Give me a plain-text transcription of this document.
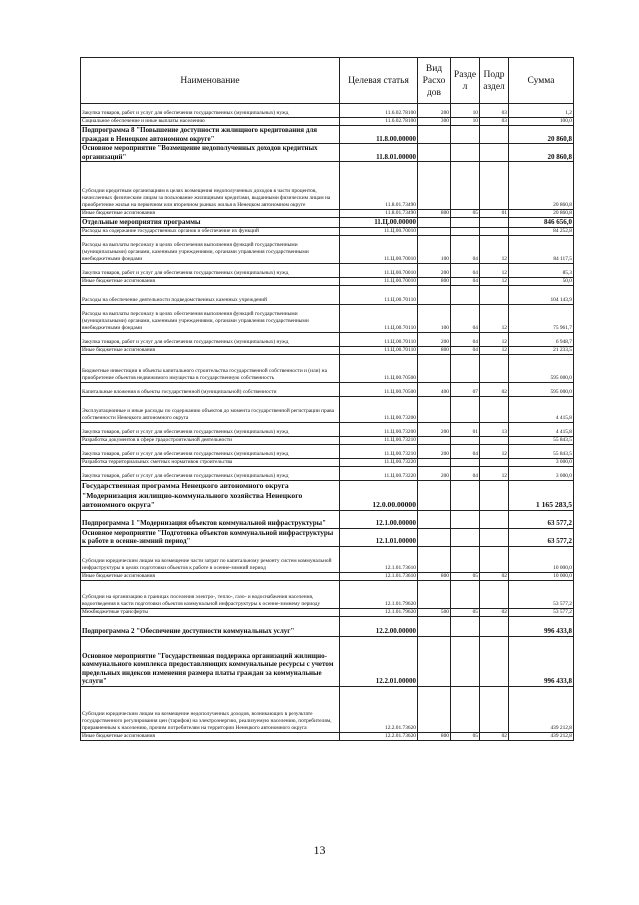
Наименование	Целевая статья	Вид Расхо дов	Разде л	Подр аздел	Сумма
Закупка товаров, работ и услуг для обеспечения государственных (муниципальных) нужд	11.6.02.78100	200	10	03	1,2
Социальное обеспечение и иные выплаты населению	11.6.02.78100	300	10	03	100,0
Подпрограмма 8 "Повышение доступности жилищного кредитования для граждан в Ненецком автономном округе"	11.8.00.00000				20 860,8
Основное мероприятие "Возмещение недополученных доходов кредитных организаций"	11.8.01.00000				20 860,8
Субсидии кредитным организациям в целях возмещения недополученных доходов в части процентов, начисленных физическим лицам за пользование жилищными кредитами, выданными физическим лицам на приобретение жилья на первичном или вторичном рынках жилья в Ненецком автономном округе	11.8.01.73490				20 860,8
Иные бюджетные ассигнования	11.8.01.73490	800	05	01	20 860,8
Отдельные мероприятия программы	11.Ц.00.00000				846 656,0
Расходы на содержание государственных органов и обеспечение их функций	11.Ц.00.70010				84 252,8
Расходы на выплаты персоналу в целях обеспечения выполнения функций государственными (муниципальными) органами, казенными учреждениями, органами управления государственными внебюджетными фондами	11.Ц.00.70010	100	04	12	84 117,5
Закупка товаров, работ и услуг для обеспечения государственных (муниципальных) нужд	11.Ц.00.70010	200	04	12	85,3
Иные бюджетные ассигнования	11.Ц.00.70010	800	04	12	50,0
Расходы на обеспечение деятельности подведомственных казенных учреждений	11.Ц.00.70110				104 143,9
Расходы на выплаты персоналу в целях обеспечения выполнения функций государственными (муниципальными) органами, казенными учреждениями, органами управления государственными внебюджетными фондами	11.Ц.00.70110	100	04	12	75 961,7
Закупка товаров, работ и услуг для обеспечения государственных (муниципальных) нужд	11.Ц.00.70110	200	04	12	6 948,7
Иные бюджетные ассигнования	11.Ц.00.70110	800	04	12	21 233,5
Бюджетные инвестиции в объекты капитального строительства государственной собственности и (или) на приобретение объектов недвижимого имущества в государственную собственность	11.Ц.00.70500				595 000,0
Капитальные вложения в объекты государственной (муниципальной) собственности	11.Ц.00.70500	400	07	02	595 000,0
Эксплуатационные и иные расходы по содержанию объектов до момента государственной регистрации права собственности Ненецкого автономного округа	11.Ц.00.73200				4 415,8
Закупка товаров, работ и услуг для обеспечения государственных (муниципальных) нужд	11.Ц.00.73200	200	01	13	4 415,8
Разработка документов в сфере градостроительной деятельности	11.Ц.00.73210				55 843,5
Закупка товаров, работ и услуг для обеспечения государственных (муниципальных) нужд	11.Ц.00.73210	200	04	12	55 843,5
Разработка территориальных сметных нормативов строительства	11.Ц.00.73220				3 000,0
Закупка товаров, работ и услуг для обеспечения государственных (муниципальных) нужд	11.Ц.00.73220	200	04	12	3 000,0
Государственная программа Ненецкого автономного округа "Модернизация жилищно-коммунального хозяйства Ненецкого автономного округа"	12.0.00.00000				1 165 283,5
Подпрограмма 1 "Модернизация объектов коммунальной инфраструктуры"	12.1.00.00000				63 577,2
Основное мероприятие "Подготовка объектов коммунальной инфраструктуры к работе в осенне-зимний период"	12.1.01.00000				63 577,2
Субсидии юридическим лицам на возмещение части затрат по капитальному ремонту систем коммунальной инфраструктуры в целях подготовки объектов к работе в осенне-зимний период	12.1.01.73610				10 000,0
Иные бюджетные ассигнования	12.1.01.73610	800	05	02	10 000,0
Субсидии на организацию в границах поселения электро-, тепло-, газо- и водоснабжения населения, водоотведения в части подготовки объектов коммунальной инфраструктуры к осенне-зимнему периоду	12.1.01.79620				53 577,2
Межбюджетные трансферты	12.1.01.79620	500	05	02	53 577,2
Подпрограмма 2 "Обеспечение доступности коммунальных услуг"	12.2.00.00000				996 433,8
Основное мероприятие "Государственная поддержка организаций жилищно-коммунального комплекса предоставляющих коммунальные ресурсы с учетом предельных индексов изменения размера платы граждан за коммунальные услуги"	12.2.01.00000				996 433,8
Субсидии юридическим лицам на возмещение недополученных доходов, возникающих в результате государственного регулирования цен (тарифов) на электроэнергию, реализуемую населению, потребителям, приравненным к населению, прочим потребителям на территории Ненецкого автономного округа	12.2.01.73620				439 212,8
Иные бюджетные ассигнования	12.2.01.73620	800	05	02	439 212,8
13
